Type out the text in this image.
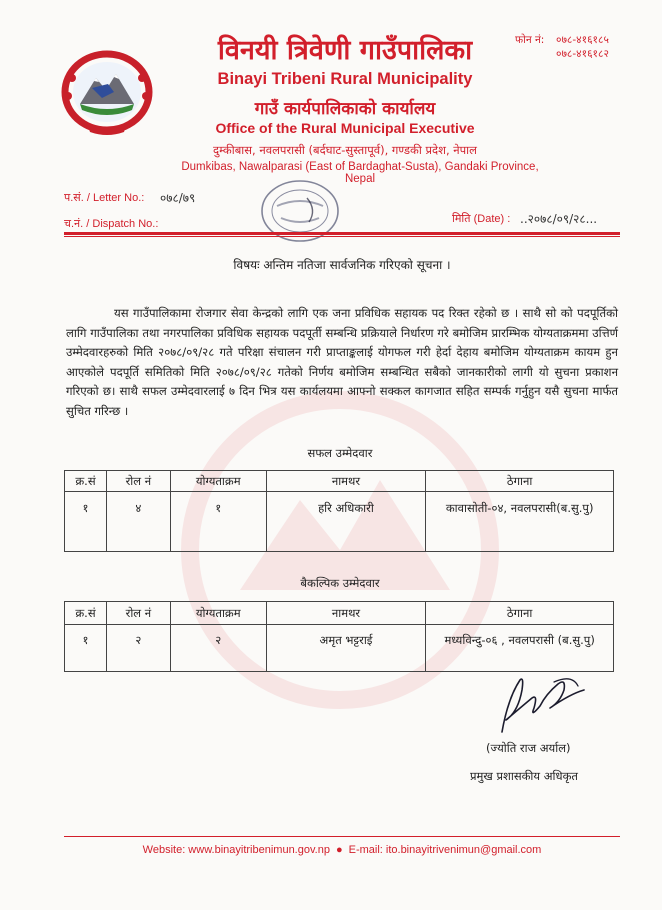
विनयी त्रिवेणी गाउँपालिका
Binayi Tribeni Rural Municipality
गाउँ कार्यपालिकाको कार्यालय
Office of the Rural Municipal Executive
दुम्कीबास, नवलपरासी (बर्दघाट-सुस्तापूर्व), गण्डकी प्रदेश, नेपाल
Dumkibas, Nawalparasi (East of Bardaghat-Susta), Gandaki Province, Nepal
फोन नं: ०७८-४१६१८५
०७८-४१६१८२
प.सं. / Letter No.: ०७८/७९
च.नं. / Dispatch No.:	मिति (Date) : ..२०७८/०९/२८...
विषयः अन्तिम नतिजा सार्वजनिक गरिएको सूचना ।

यस गाउँपालिकामा रोजगार सेवा केन्द्रको लागि एक जना प्रविधिक सहायक पद रिक्त रहेको छ । साथै सो को पदपूर्तिको लागि गाउँपालिका तथा नगरपालिका प्रविधिक सहायक पदपूर्ती सम्बन्धि प्रक्रियाले निर्धारण गरे बमोजिम प्रारम्भिक योग्यताक्रममा उत्तिर्ण उम्मेदवारहरुको मिति २०७८/०९/२८ गते परिक्षा संचालन गरी प्राप्ताङ्कलाई योगफल गरी हेर्दा देहाय बमोजिम योग्यताक्रम कायम हुन आएकोले पदपूर्ति समितिको मिति २०७८/०९/२८ गतेको निर्णय बमोजिम सम्बन्धित सबैको जानकारीको लागी यो सुचना प्रकाशन गरिएको छ। साथै सफल उम्मेदवारलाई ७ दिन भित्र यस कार्यलयमा आफ्नो सक्कल कागजात सहित सम्पर्क गर्नुहुन यसै सुचना मार्फत सुचित गरिन्छ ।

सफल उम्मेदवार
क्र.सं	रोल नं	योग्यताक्रम	नामथर	ठेगाना
१	४	१	हरि अधिकारी	कावासोती-०४, नवलपरासी(ब.सु.पु)
बैकल्पिक उम्मेदवार
क्र.सं	रोल नं	योग्यताक्रम	नामथर	ठेगाना
१	२	२	अमृत भट्टराई	मध्यविन्दु-०६ , नवलपरासी (ब.सु.पु)
(ज्योति राज अर्याल)
प्रमुख प्रशासकीय अधिकृत
Website: www.binayitribenimun.gov.np ● E-mail: ito.binayitrivenimun@gmail.com
